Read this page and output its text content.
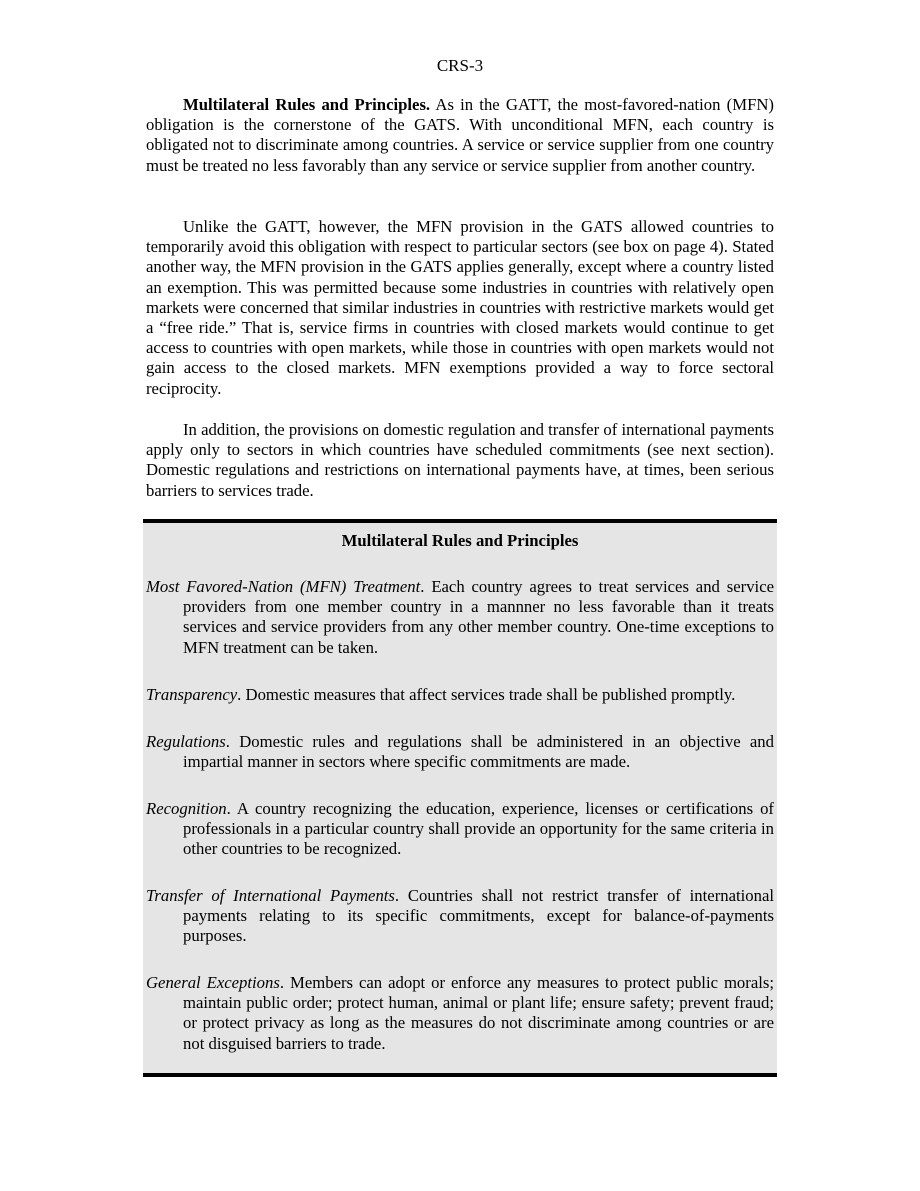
CRS-3

Multilateral Rules and Principles. As in the GATT, the most-favored-nation (MFN) obligation is the cornerstone of the GATS. With unconditional MFN, each country is obligated not to discriminate among countries. A service or service supplier from one country must be treated no less favorably than any service or service supplier from another country.

Unlike the GATT, however, the MFN provision in the GATS allowed countries to temporarily avoid this obligation with respect to particular sectors (see box on page 4). Stated another way, the MFN provision in the GATS applies generally, except where a country listed an exemption. This was permitted because some industries in countries with relatively open markets were concerned that similar industries in countries with restrictive markets would get a “free ride.” That is, service firms in countries with closed markets would continue to get access to countries with open markets, while those in countries with open markets would not gain access to the closed markets. MFN exemptions provided a way to force sectoral reciprocity.

In addition, the provisions on domestic regulation and transfer of international payments apply only to sectors in which countries have scheduled commitments (see next section). Domestic regulations and restrictions on international payments have, at times, been serious barriers to services trade.

Multilateral Rules and Principles
Most Favored-Nation (MFN) Treatment. Each country agrees to treat services and service providers from one member country in a mannner no less favorable than it treats services and service providers from any other member country. One-time exceptions to MFN treatment can be taken.
Transparency. Domestic measures that affect services trade shall be published promptly.
Regulations. Domestic rules and regulations shall be administered in an objective and impartial manner in sectors where specific commitments are made.
Recognition. A country recognizing the education, experience, licenses or certifications of professionals in a particular country shall provide an opportunity for the same criteria in other countries to be recognized.
Transfer of International Payments. Countries shall not restrict transfer of international payments relating to its specific commitments, except for balance-of-payments purposes.
General Exceptions. Members can adopt or enforce any measures to protect public morals; maintain public order; protect human, animal or plant life; ensure safety; prevent fraud; or protect privacy as long as the measures do not discriminate among countries or are not disguised barriers to trade.
